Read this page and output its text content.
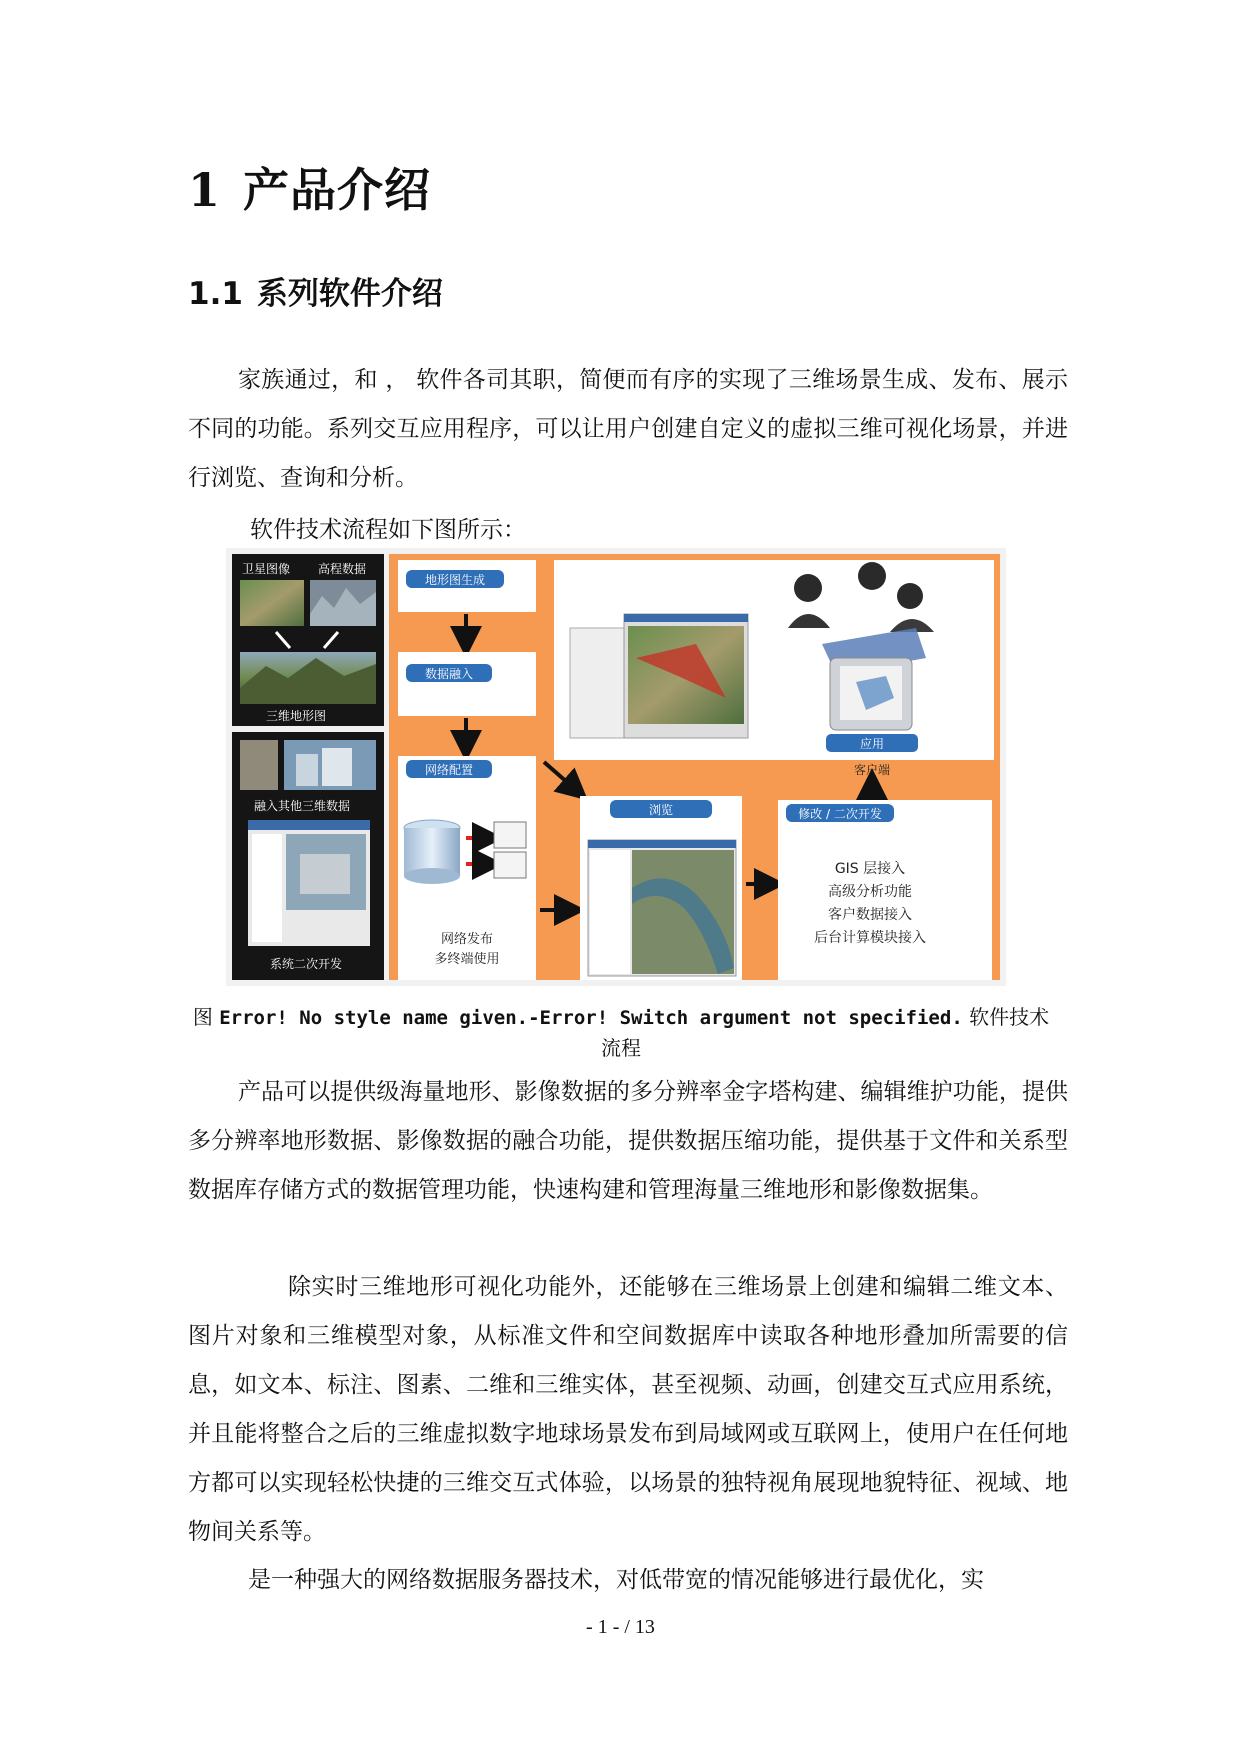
1 产品介绍
1.1 系列软件介绍

家族通过，和 ， 软件各司其职，简便而有序的实现了三维场景生成、发布、展示不同的功能。系列交互应用程序，可以让用户创建自定义的虚拟三维可视化场景，并进行浏览、查询和分析。

软件技术流程如下图所示：

卫星图像 高程数据
三维地形图
融入其他三维数据
系统二次开发
地形图生成
数据融入
网络配置
网络发布
多终端使用
应用
客户端
浏览	修改 / 二次开发
GIS 层接入
高级分析功能
客户数据接入
后台计算模块接入

图 Error! No style name given.-Error! Switch argument not specified. 软件技术流程

产品可以提供级海量地形、影像数据的多分辨率金字塔构建、编辑维护功能，提供多分辨率地形数据、影像数据的融合功能，提供数据压缩功能，提供基于文件和关系型数据库存储方式的数据管理功能，快速构建和管理海量三维地形和影像数据集。

除实时三维地形可视化功能外，还能够在三维场景上创建和编辑二维文本、图片对象和三维模型对象，从标准文件和空间数据库中读取各种地形叠加所需要的信息，如文本、标注、图素、二维和三维实体，甚至视频、动画，创建交互式应用系统，并且能将整合之后的三维虚拟数字地球场景发布到局域网或互联网上，使用户在任何地方都可以实现轻松快捷的三维交互式体验，以场景的独特视角展现地貌特征、视域、地物间关系等。

是一种强大的网络数据服务器技术，对低带宽的情况能够进行最优化，实

- 1 - / 13
